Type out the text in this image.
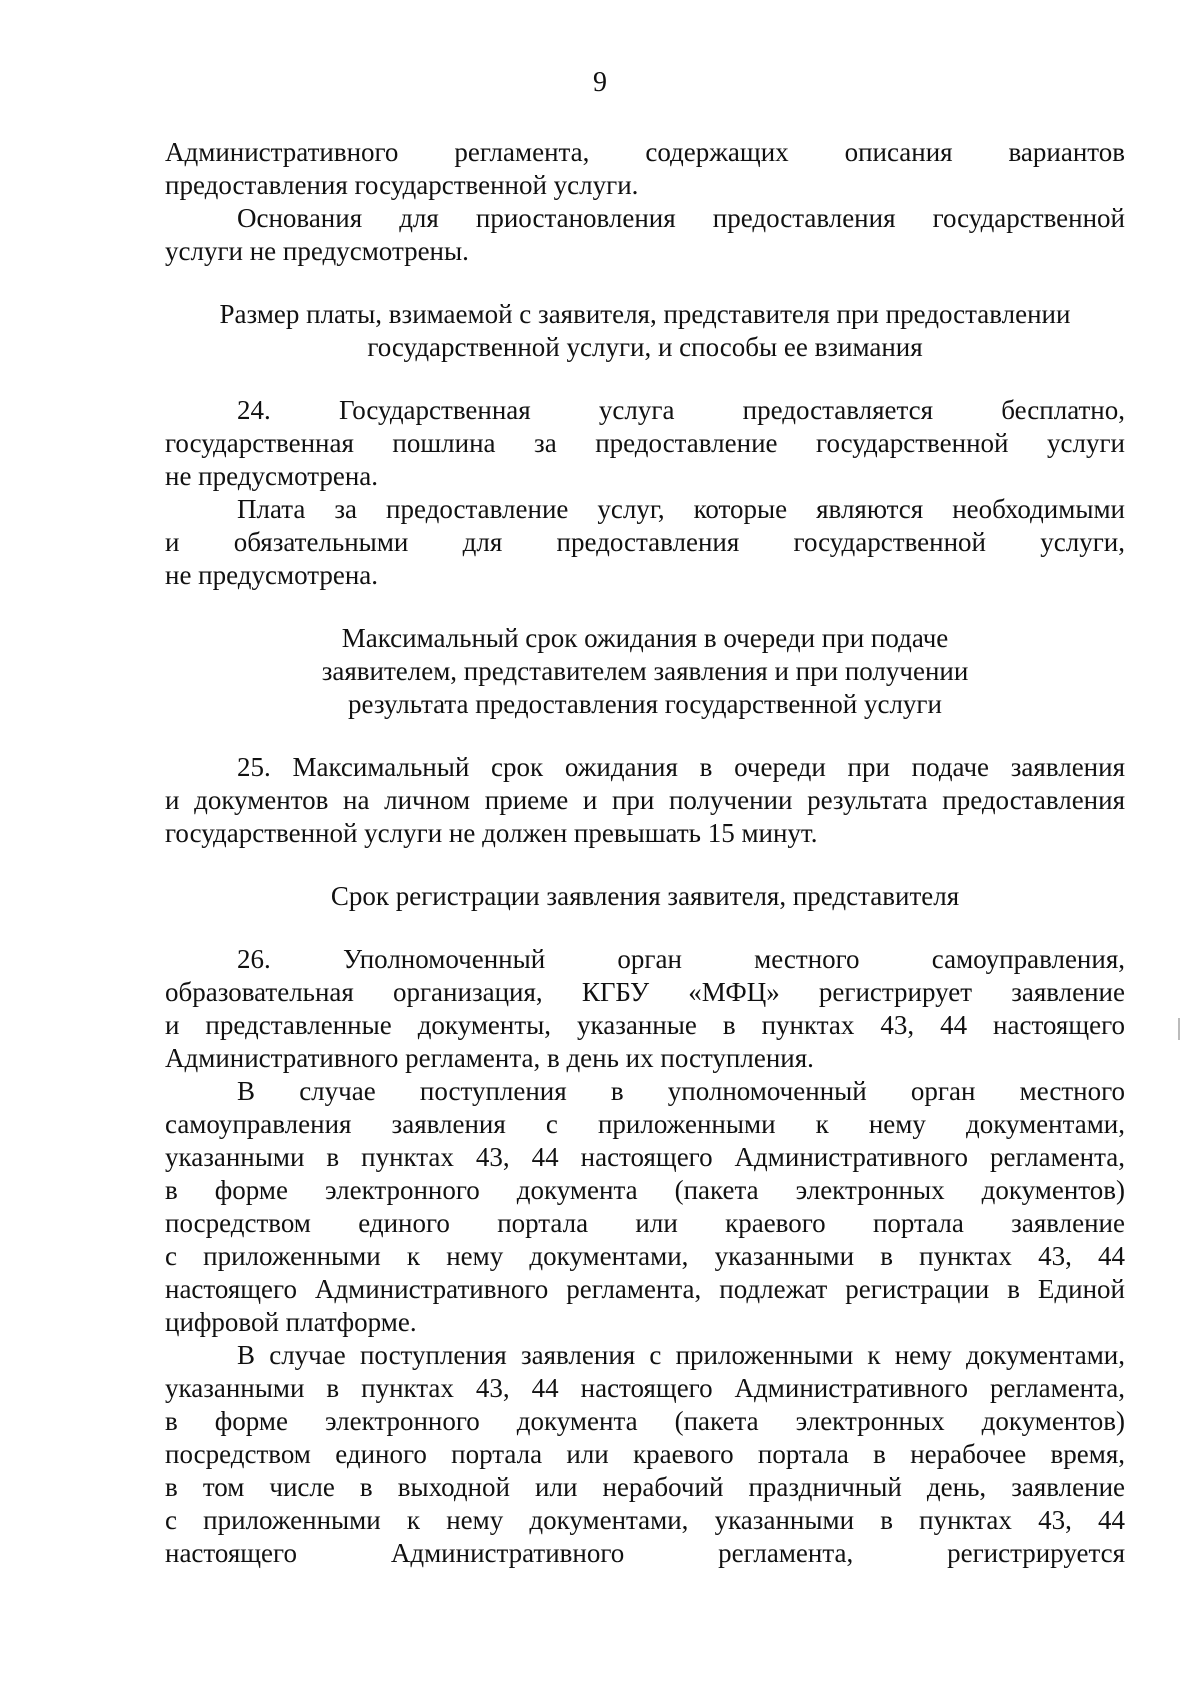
9
Административного регламента, содержащих описания вариантов
предоставления государственной услуги.
Основания для приостановления предоставления государственной
услуги не предусмотрены.
Размер платы, взимаемой с заявителя, представителя при предоставлении
государственной услуги, и способы ее взимания
24. Государственная услуга предоставляется бесплатно,
государственная пошлина за предоставление государственной услуги
не предусмотрена.
Плата за предоставление услуг, которые являются необходимыми
и обязательными для предоставления государственной услуги,
не предусмотрена.
Максимальный срок ожидания в очереди при подаче
заявителем, представителем заявления и при получении
результата предоставления государственной услуги
25. Максимальный срок ожидания в очереди при подаче заявления
и документов на личном приеме и при получении результата предоставления
государственной услуги не должен превышать 15 минут.
Срок регистрации заявления заявителя, представителя
26. Уполномоченный орган местного самоуправления,
образовательная организация, КГБУ «МФЦ» регистрирует заявление
и представленные документы, указанные в пунктах 43, 44 настоящего
Административного регламента, в день их поступления.
В случае поступления в уполномоченный орган местного
самоуправления заявления с приложенными к нему документами,
указанными в пунктах 43, 44 настоящего Административного регламента,
в форме электронного документа (пакета электронных документов)
посредством единого портала или краевого портала заявление
с приложенными к нему документами, указанными в пунктах 43, 44
настоящего Административного регламента, подлежат регистрации в Единой
цифровой платформе.
В случае поступления заявления с приложенными к нему документами,
указанными в пунктах 43, 44 настоящего Административного регламента,
в форме электронного документа (пакета электронных документов)
посредством единого портала или краевого портала в нерабочее время,
в том числе в выходной или нерабочий праздничный день, заявление
с приложенными к нему документами, указанными в пунктах 43, 44
настоящего Административного регламента, регистрируется
